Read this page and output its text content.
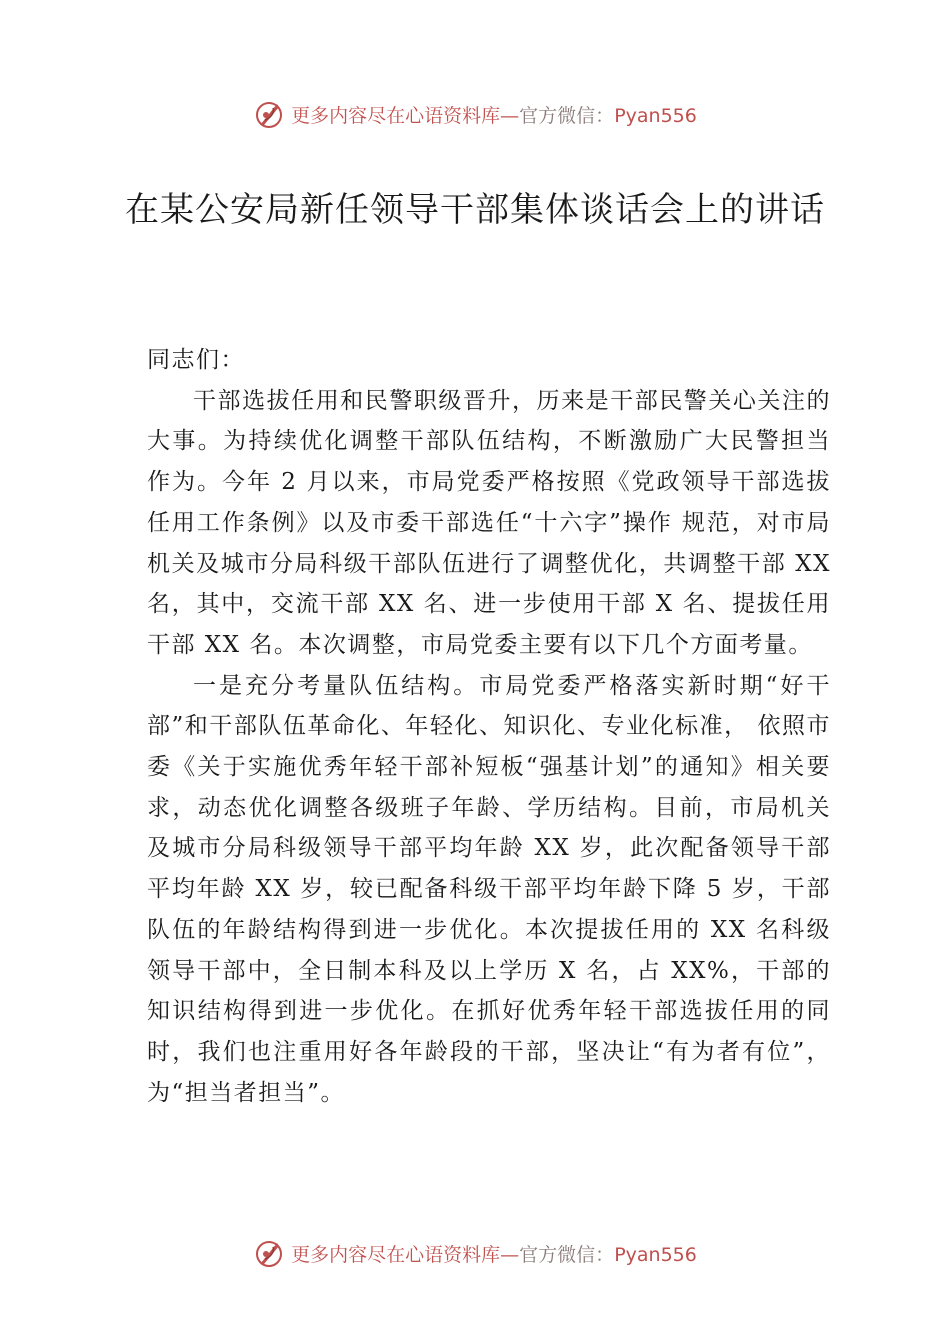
更多内容尽在心语资料库—官方微信：Pyan556
在某公安局新任领导干部集体谈话会上的讲话

同志们：

干部选拔任用和民警职级晋升，历来是干部民警关心关注的大事。为持续优化调整干部队伍结构，不断激励广大民警担当作为。今年 2 月以来，市局党委严格按照《党政领导干部选拔任用工作条例》以及市委干部选任“十六字”操作 规范，对市局机关及城市分局科级干部队伍进行了调整优化，共调整干部 XX 名，其中，交流干部 XX 名、进一步使用干部 X 名、提拔任用干部 XX 名。本次调整，市局党委主要有以下几个方面考量。

一是充分考量队伍结构。市局党委严格落实新时期“好干部”和干部队伍革命化、年轻化、知识化、专业化标准， 依照市委《关于实施优秀年轻干部补短板“强基计划”的通知》相关要求，动态优化调整各级班子年龄、学历结构。目前，市局机关及城市分局科级领导干部平均年龄 XX 岁，此次配备领导干部平均年龄 XX 岁，较已配备科级干部平均年龄下降 5 岁，干部队伍的年龄结构得到进一步优化。本次提拔任用的 XX 名科级领导干部中，全日制本科及以上学历 X 名，占 XX%，干部的知识结构得到进一步优化。在抓好优秀年轻干部选拔任用的同时，我们也注重用好各年龄段的干部，坚决让“有为者有位”，为“担当者担当”。

更多内容尽在心语资料库—官方微信：Pyan556
